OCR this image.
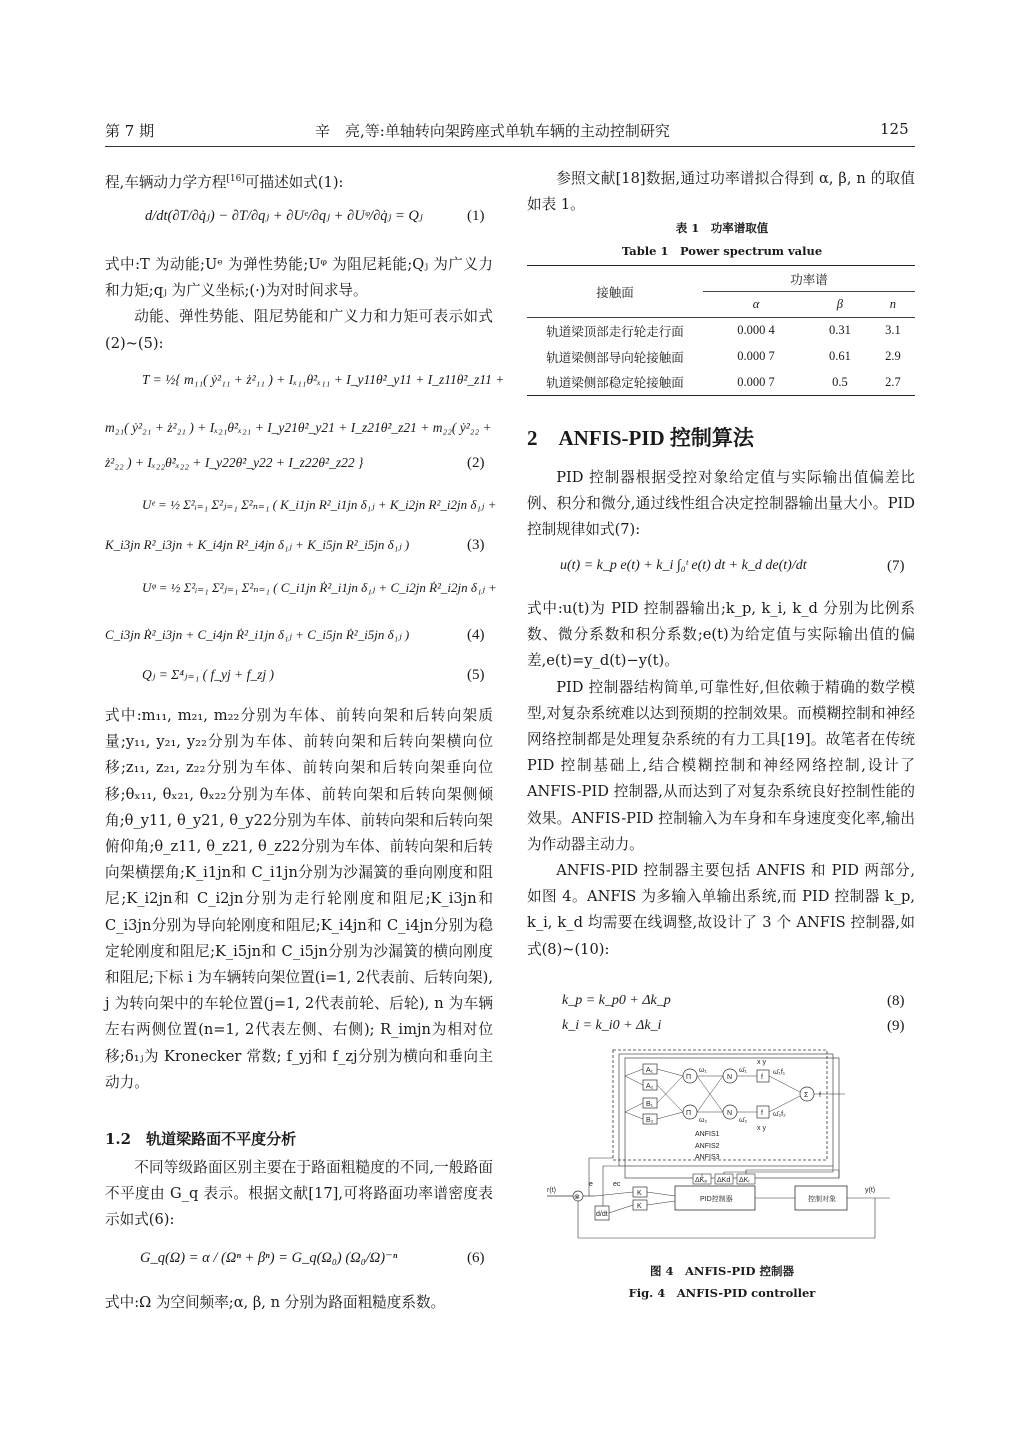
第 7 期	辛　亮,等:单轴转向架跨座式单轨车辆的主动控制研究	125

程,车辆动力学方程[16]可描述如式(1):

d/dt(∂T/∂q̇ⱼ) − ∂T/∂qⱼ + ∂Uᵉ/∂qⱼ + ∂Uᵠ/∂q̇ⱼ = Qⱼ	(1)

式中:T 为动能;Uᵉ 为弹性势能;Uᵠ 为阻尼耗能;Qⱼ 为广义力和力矩;qⱼ 为广义坐标;(·)为对时间求导。

动能、弹性势能、阻尼势能和广义力和力矩可表示如式(2)~(5):

T = ½{ m₁₁( ẏ²₁₁ + ż²₁₁ ) + Iₓ₁₁θ̇²ₓ₁₁ + I_y11θ̇²_y11 + I_z11θ̇²_z11 +
m₂₁( ẏ²₂₁ + ż²₂₁ ) + Iₓ₂₁θ̇²ₓ₂₁ + I_y21θ̇²_y21 + I_z21θ̇²_z21 + m₂₂( ẏ²₂₂ +
ż²₂₂ ) + Iₓ₂₂θ̇²ₓ₂₂ + I_y22θ̇²_y22 + I_z22θ̇²_z22 }	(2)
Uᵉ = ½ Σ²ᵢ₌₁ Σ²ⱼ₌₁ Σ²ₙ₌₁ ( K_i1jn R²_i1jn δ₁ⱼ + K_i2jn R²_i2jn δ₁ⱼ +
K_i3jn R²_i3jn + K_i4jn R²_i4jn δ₁ⱼ + K_i5jn R²_i5jn δ₁ⱼ )	(3)
Uᵠ = ½ Σ²ᵢ₌₁ Σ²ⱼ₌₁ Σ²ₙ₌₁ ( C_i1jn Ṙ²_i1jn δ₁ⱼ + C_i2jn Ṙ²_i2jn δ₁ⱼ +
C_i3jn Ṙ²_i3jn + C_i4jn Ṙ²_i1jn δ₁ⱼ + C_i5jn Ṙ²_i5jn δ₁ⱼ )	(4)
Qⱼ = Σ⁴ⱼ₌₁ ( f_yj + f_zj )	(5)

式中:m₁₁, m₂₁, m₂₂分别为车体、前转向架和后转向架质量;y₁₁, y₂₁, y₂₂分别为车体、前转向架和后转向架横向位移;z₁₁, z₂₁, z₂₂分别为车体、前转向架和后转向架垂向位移;θₓ₁₁, θₓ₂₁, θₓ₂₂分别为车体、前转向架和后转向架侧倾角;θ_y11, θ_y21, θ_y22分别为车体、前转向架和后转向架俯仰角;θ_z11, θ_z21, θ_z22分别为车体、前转向架和后转向架横摆角;K_i1jn和 C_i1jn分别为沙漏簧的垂向刚度和阻尼;K_i2jn和 C_i2jn分别为走行轮刚度和阻尼;K_i3jn和 C_i3jn分别为导向轮刚度和阻尼;K_i4jn和 C_i4jn分别为稳定轮刚度和阻尼;K_i5jn和 C_i5jn分别为沙漏簧的横向刚度和阻尼;下标 i 为车辆转向架位置(i=1, 2代表前、后转向架), j 为转向架中的车轮位置(j=1, 2代表前轮、后轮), n 为车辆左右两侧位置(n=1, 2代表左侧、右侧); R_imjn为相对位移;δ₁ⱼ为 Kronecker 常数; f_yj和 f_zj分别为横向和垂向主动力。

1.2　轨道梁路面不平度分析

不同等级路面区别主要在于路面粗糙度的不同,一般路面不平度由 G_q 表示。根据文献[17],可将路面功率谱密度表示如式(6):

G_q(Ω) = α / (Ωⁿ + βⁿ) = G_q(Ω₀) (Ω₀/Ω)⁻ⁿ	(6)

式中:Ω 为空间频率;α, β, n 分别为路面粗糙度系数。

参照文献[18]数据,通过功率谱拟合得到 α, β, n 的取值如表 1。

表 1　功率谱取值
Table 1　Power spectrum value
接触面	功率谱		
	α	β	n
轨道梁顶部走行轮走行面	0.000 4	0.31	3.1
轨道梁侧部导向轮接触面	0.000 7	0.61	2.9
轨道梁侧部稳定轮接触面	0.000 7	0.5	2.7
2　ANFIS-PID 控制算法

PID 控制器根据受控对象给定值与实际输出值偏差比例、积分和微分,通过线性组合决定控制器输出量大小。PID 控制规律如式(7):

u(t) = k_p e(t) + k_i ∫₀ᵗ e(t) dt + k_d de(t)/dt	(7)

式中:u(t)为 PID 控制器输出;k_p, k_i, k_d 分别为比例系数、微分系数和积分系数;e(t)为给定值与实际输出值的偏差,e(t)=y_d(t)−y(t)。

PID 控制器结构简单,可靠性好,但依赖于精确的数学模型,对复杂系统难以达到预期的控制效果。而模糊控制和神经网络控制都是处理复杂系统的有力工具[19]。故笔者在传统 PID 控制基础上,结合模糊控制和神经网络控制,设计了 ANFIS-PID 控制器,从而达到了对复杂系统良好控制性能的效果。ANFIS-PID 控制输入为车身和车身速度变化率,输出为作动器主动力。

ANFIS-PID 控制器主要包括 ANFIS 和 PID 两部分,如图 4。ANFIS 为多输入单输出系统,而 PID 控制器 k_p, k_i, k_d 均需要在线调整,故设计了 3 个 ANFIS 控制器,如式(8)~(10):

k_p = k_p0 + Δk_p	(8)
k_i = k_i0 + Δk_i	(9)
ANFIS1
ANFIS2
ANFIS3
A₁
A₂
B₁
B₂
Π
Π
ω₁
ω₂
N
N
ω̄₁
ω̄₂
f
f
ω̄₁f₁
ω̄₂f₂
x y
x y
Σ f
r(t)
⊗
e
d/dt
ec
K
K
PID控制器
ΔKₚ ΔKd ΔKᵢ
控制对象
y(t)
图 4　ANFIS-PID 控制器
Fig. 4　ANFIS-PID controller
